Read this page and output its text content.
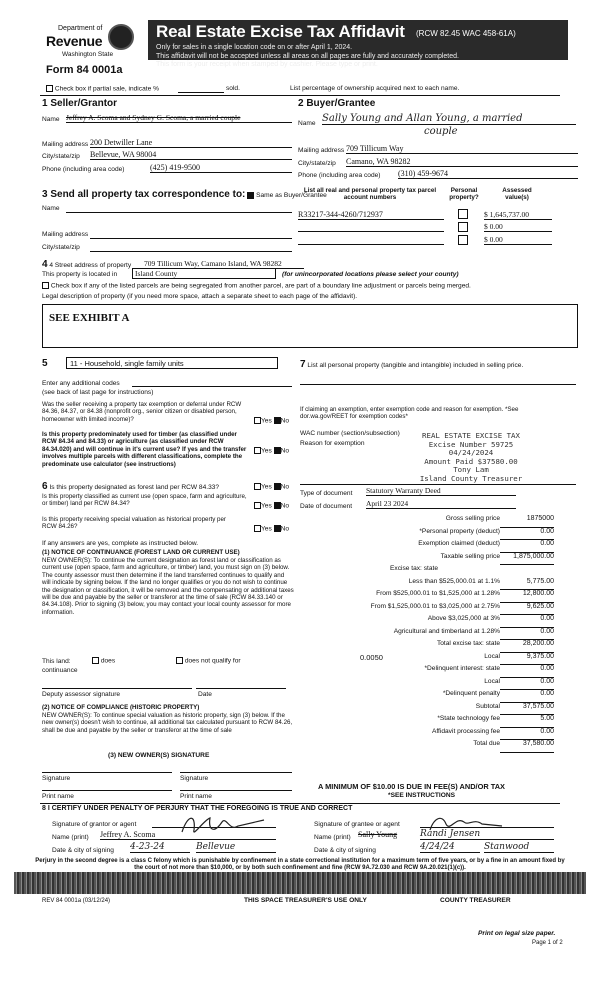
Department of
Revenue
Washington State
Form 84 0001a
Real Estate Excise Tax Affidavit (RCW 82.45 WAC 458-61A)
Only for sales in a single location code on or after April 1, 2024.
This affidavit will not be accepted unless all areas on all pages are fully and accurately completed.
This form is your receipt when stamped by cashier. Please type or print.
Check box if partial sale, indicate %	sold.	List percentage of ownership acquired next to each name.
1 Seller/Grantor
Name Jeffrey A. Scoma and Sydney G. Scoma, a married couple
Mailing address 200 Detwiller Lane
City/state/zip Bellevue, WA 98004
Phone (including area code)	(425) 419-9500
2 Buyer/Grantee
Name Sally Young and Allan Young, a married
couple
Mailing address 709 Tillicum Way
City/state/zip Camano, WA 98282
Phone (including area code) (310) 459-9674
3 Send all property tax correspondence to: Same as Buyer/Grantee
Name
Mailing address
City/state/zip
List all real and personal property tax parcel account numbers
Personal property?
Assessed value(s)
R33217-344-4260/712937	$ 1,645,737.00
$ 0.00
$ 0.00
4 4 Street address of property 709 Tillicum Way, Camano Island, WA 98282
This property is located in	Island County	(for unincorporated locations please select your county)
Check box if any of the listed parcels are being segregated from another parcel, are part of a boundary line adjustment or parcels being merged.
Legal description of property (if you need more space, attach a separate sheet to each page of the affidavit).
SEE EXHIBIT A
5	11 - Household, single family units
Enter any additional codes
(see back of last page for instructions)
Was the seller receiving a property tax exemption or deferral under RCW 84.36, 84.37, or 84.38 (nonprofit org., senior citizen or disabled person, homeowner with limited income)?	Yes No
Is this property predominately used for timber (as classified under RCW 84.34 and 84.33) or agriculture (as classified under RCW 84.34.020) and will continue in it's current use? If yes and the transfer involves multiple parcels with different classifications, complete the predominate use calculator (see instructions)
Yes No
6 Is this property designated as forest land per RCW 84.33?	Yes No
Is this property classified as current use (open space, farm and agriculture, or timber) land per RCW 84.34?	Yes No
Is this property receiving special valuation as historical property per RCW 84.26?	Yes No
If any answers are yes, complete as instructed below.
(1) NOTICE OF CONTINUANCE (FOREST LAND OR CURRENT USE)
NEW OWNER(S): To continue the current designation as forest land or classification as current use (open space, farm and agriculture, or timber) land, you must sign on (3) below. The county assessor must then determine if the land transferred continues to qualify and will indicate by signing below. If the land no longer qualifies or you do not wish to continue the designation or classification, it will be removed and the compensating or additional taxes will be due and payable by the seller or transferor at the time of sale (RCW 84.33.140 or 84.34.108). Prior to signing (3) below, you may contact your local county assessor for more information.
This land:	does	does not qualify for
continuance
Deputy assessor signature	Date
(2) NOTICE OF COMPLIANCE (HISTORIC PROPERTY)
NEW OWNER(S): To continue special valuation as historic property, sign (3) below. If the new owner(s) doesn't wish to continue, all additional tax calculated pursuant to RCW 84.26, shall be due and payable by the seller or transferor at the time of sale
(3) NEW OWNER(S) SIGNATURE
Signature	Signature
Print name	Print name
7 List all personal property (tangible and intangible) included in selling price.
If claiming an exemption, enter exemption code and reason for exemption. *See dor.wa.gov/REET for exemption codes*
WAC number (section/subsection)
Reason for exemption
REAL ESTATE EXCISE TAX
Excise Number 59725
04/24/2024
Amount Paid $37580.00
Tony Lam
Island County Treasurer
Type of document Statutory Warranty Deed
Date of document April 23 2024
Gross selling price	1875000
*Personal property (deduct)	0.00
Exemption claimed (deduct)	0.00
Taxable selling price	1,875,000.00
Excise tax: state
Less than $525,000.01 at 1.1%	5,775.00
From $525,000.01 to $1,525,000 at 1.28%	12,800.00
From $1,525,000.01 to $3,025,000 at 2.75%	9,625.00
Above $3,025,000 at 3%	0.00
Agricultural and timberland at 1.28%	0.00
Total excise tax: state	28,200.00
0.0050	Local	9,375.00
*Delinquent interest: state	0.00
Local	0.00
*Delinquent penalty	0.00
Subtotal	37,575.00
*State technology fee	5.00
Affidavit processing fee	0.00
Total due	37,580.00
A MINIMUM OF $10.00 IS DUE IN FEE(S) AND/OR TAX
*SEE INSTRUCTIONS
8 I CERTIFY UNDER PENALTY OF PERJURY THAT THE FOREGOING IS TRUE AND CORRECT
Signature of grantor or agent
Name (print) Jeffrey A. Scoma
Date & city of signing 4-23-24	Bellevue
Signature of grantee or agent
Name (print) Sally Young	Randi Jensen
Date & city of signing	4/24/24	Stanwood
Perjury in the second degree is a class C felony which is punishable by confinement in a state correctional institution for a maximum term of five years, or by a fine in an amount fixed by the court of not more than $10,000, or by both such confinement and fine (RCW 9A.72.030 and RCW 9A.20.021(1)(c)).
REV 84 0001a (03/12/24)	THIS SPACE TREASURER'S USE ONLY	COUNTY TREASURER
Print on legal size paper.
Page 1 of 2
